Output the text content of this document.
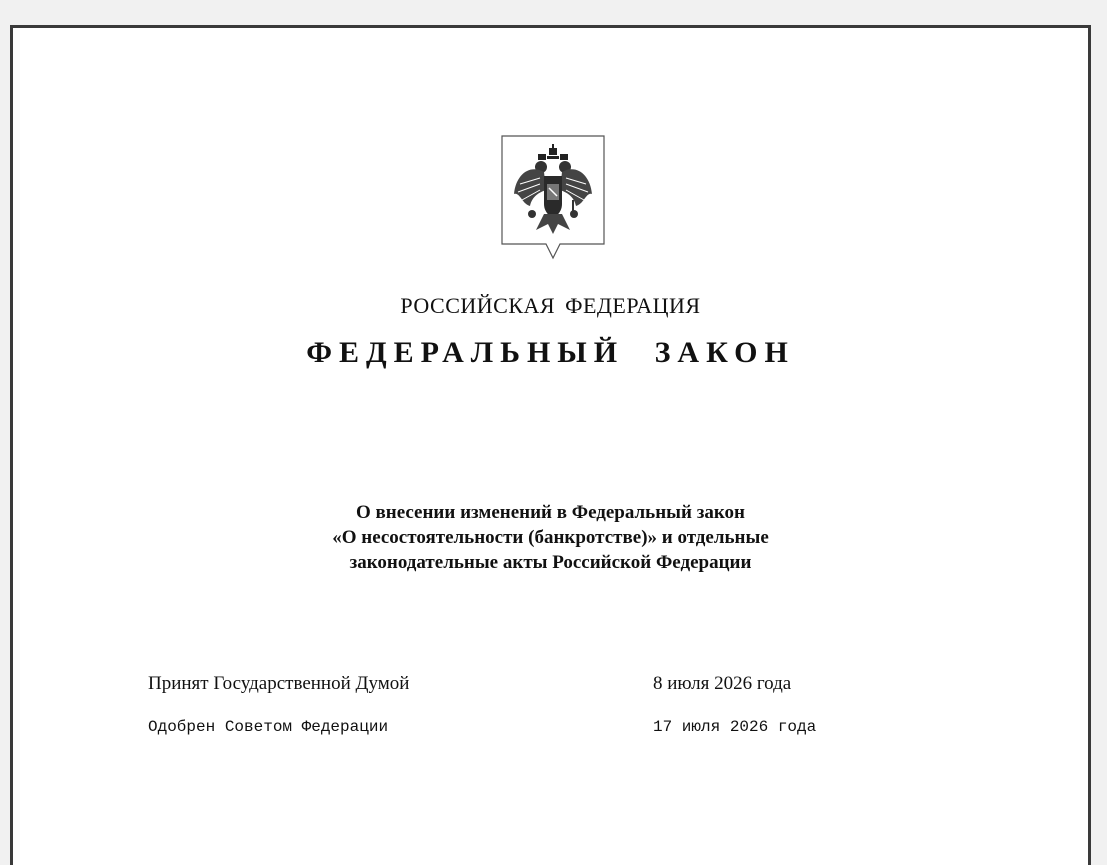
РОССИЙСКАЯ ФЕДЕРАЦИЯ
ФЕДЕРАЛЬНЫЙ ЗАКОН
О внесении изменений в Федеральный закон
«О несостоятельности (банкротстве)» и отдельные
законодательные акты Российской Федерации
Принят Государственной Думой	8 июля 2026 года
Одобрен Советом Федерации	17 июля 2026 года
